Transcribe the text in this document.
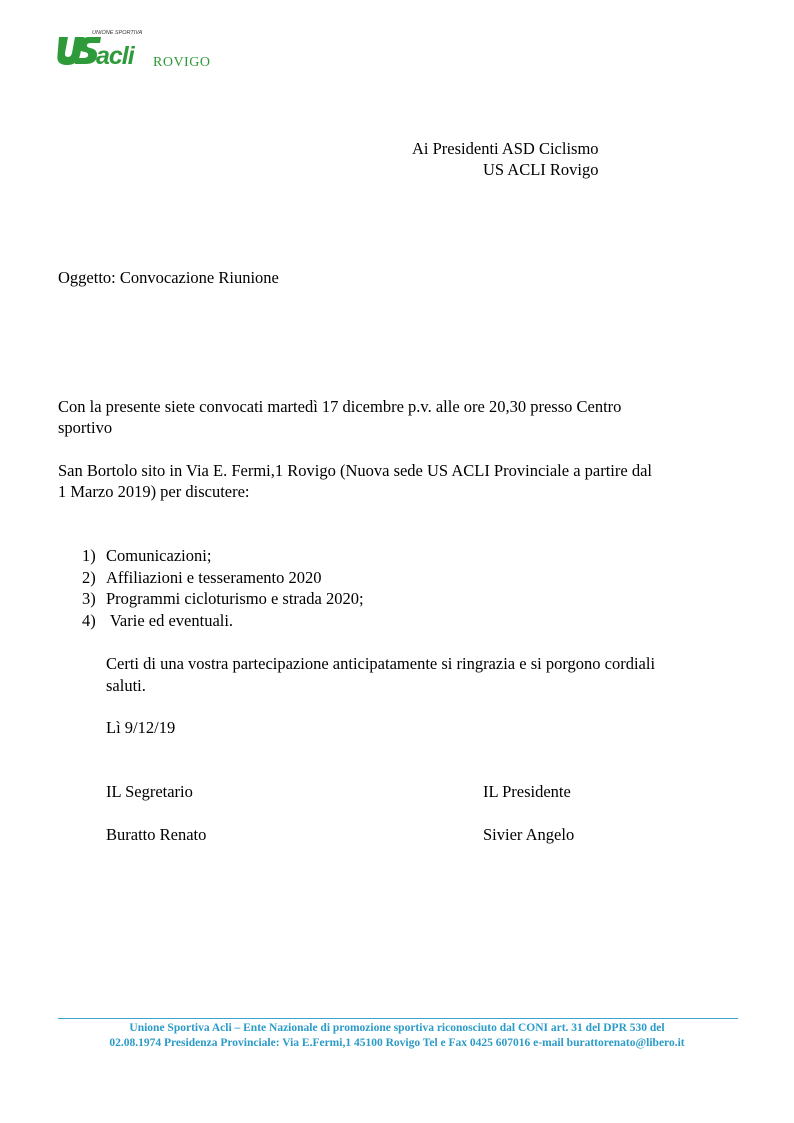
UNIONE SPORTIVA
acli ROVIGO
Ai Presidenti ASD Ciclismo
US ACLI Rovigo
Oggetto: Convocazione Riunione
Con la presente siete convocati martedì 17 dicembre p.v. alle ore 20,30 presso Centro
sportivo
San Bortolo sito in Via E. Fermi,1 Rovigo (Nuova sede US ACLI Provinciale a partire dal
1 Marzo 2019) per discutere:
1) Comunicazioni;
2) Affiliazioni e tesseramento 2020
3) Programmi cicloturismo e strada 2020;
4) Varie ed eventuali.
Certi di una vostra partecipazione anticipatamente si ringrazia e si porgono cordiali
saluti.
Lì 9/12/19
IL Segretario
Buratto Renato
IL Presidente
Sivier Angelo
Unione Sportiva Acli – Ente Nazionale di promozione sportiva riconosciuto dal CONI art. 31 del DPR 530 del
02.08.1974 Presidenza Provinciale: Via E.Fermi,1 45100 Rovigo Tel e Fax 0425 607016 e-mail burattorenato@libero.it
